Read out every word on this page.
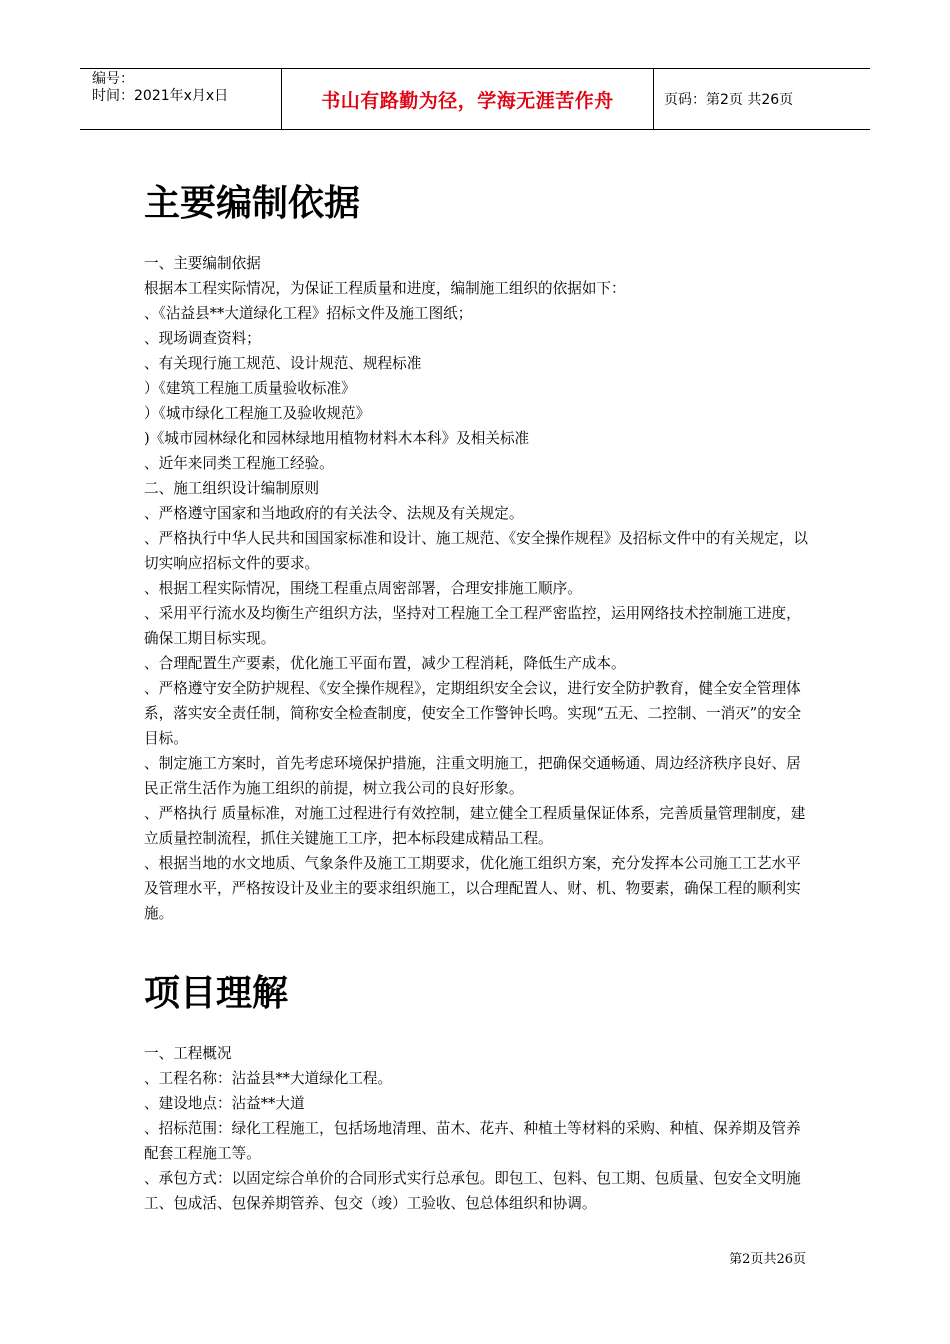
编号：
时间：2021年x月x日	书山有路勤为径，学海无涯苦作舟	页码：第2页 共26页
主要编制依据

一、主要编制依据

根据本工程实际情况，为保证工程质量和进度，编制施工组织的依据如下：

、《沾益县**大道绿化工程》招标文件及施工图纸；

、现场调查资料；

、有关现行施工规范、设计规范、规程标准

）《建筑工程施工质量验收标准》

）《城市绿化工程施工及验收规范》

)《城市园林绿化和园林绿地用植物材料木本科》及相关标准

、近年来同类工程施工经验。

二、施工组织设计编制原则

、严格遵守国家和当地政府的有关法令、法规及有关规定。

、严格执行中华人民共和国国家标准和设计、施工规范、《安全操作规程》及招标文件中的有关规定，以切实响应招标文件的要求。

、根据工程实际情况，围绕工程重点周密部署，合理安排施工顺序。

、采用平行流水及均衡生产组织方法，坚持对工程施工全工程严密监控，运用网络技术控制施工进度，确保工期目标实现。

、合理配置生产要素，优化施工平面布置，减少工程消耗，降低生产成本。

、严格遵守安全防护规程、《安全操作规程》，定期组织安全会议，进行安全防护教育，健全安全管理体系，落实安全责任制，简称安全检查制度，使安全工作警钟长鸣。实现“五无、二控制、一消灭”的安全目标。

、制定施工方案时，首先考虑环境保护措施，注重文明施工，把确保交通畅通、周边经济秩序良好、居民正常生活作为施工组织的前提，树立我公司的良好形象。

、严格执行 质量标准，对施工过程进行有效控制，建立健全工程质量保证体系，完善质量管理制度，建立质量控制流程，抓住关键施工工序，把本标段建成精品工程。

、根据当地的水文地质、气象条件及施工工期要求，优化施工组织方案，充分发挥本公司施工工艺水平及管理水平，严格按设计及业主的要求组织施工，以合理配置人、财、机、物要素，确保工程的顺利实施。

项目理解

一、工程概况

、工程名称：沾益县**大道绿化工程。

、建设地点：沾益**大道

、招标范围：绿化工程施工，包括场地清理、苗木、花卉、种植土等材料的采购、种植、保养期及管养配套工程施工等。

、承包方式：以固定综合单价的合同形式实行总承包。即包工、包料、包工期、包质量、包安全文明施工、包成活、包保养期管养、包交（竣）工验收、包总体组织和协调。

第2页共26页
